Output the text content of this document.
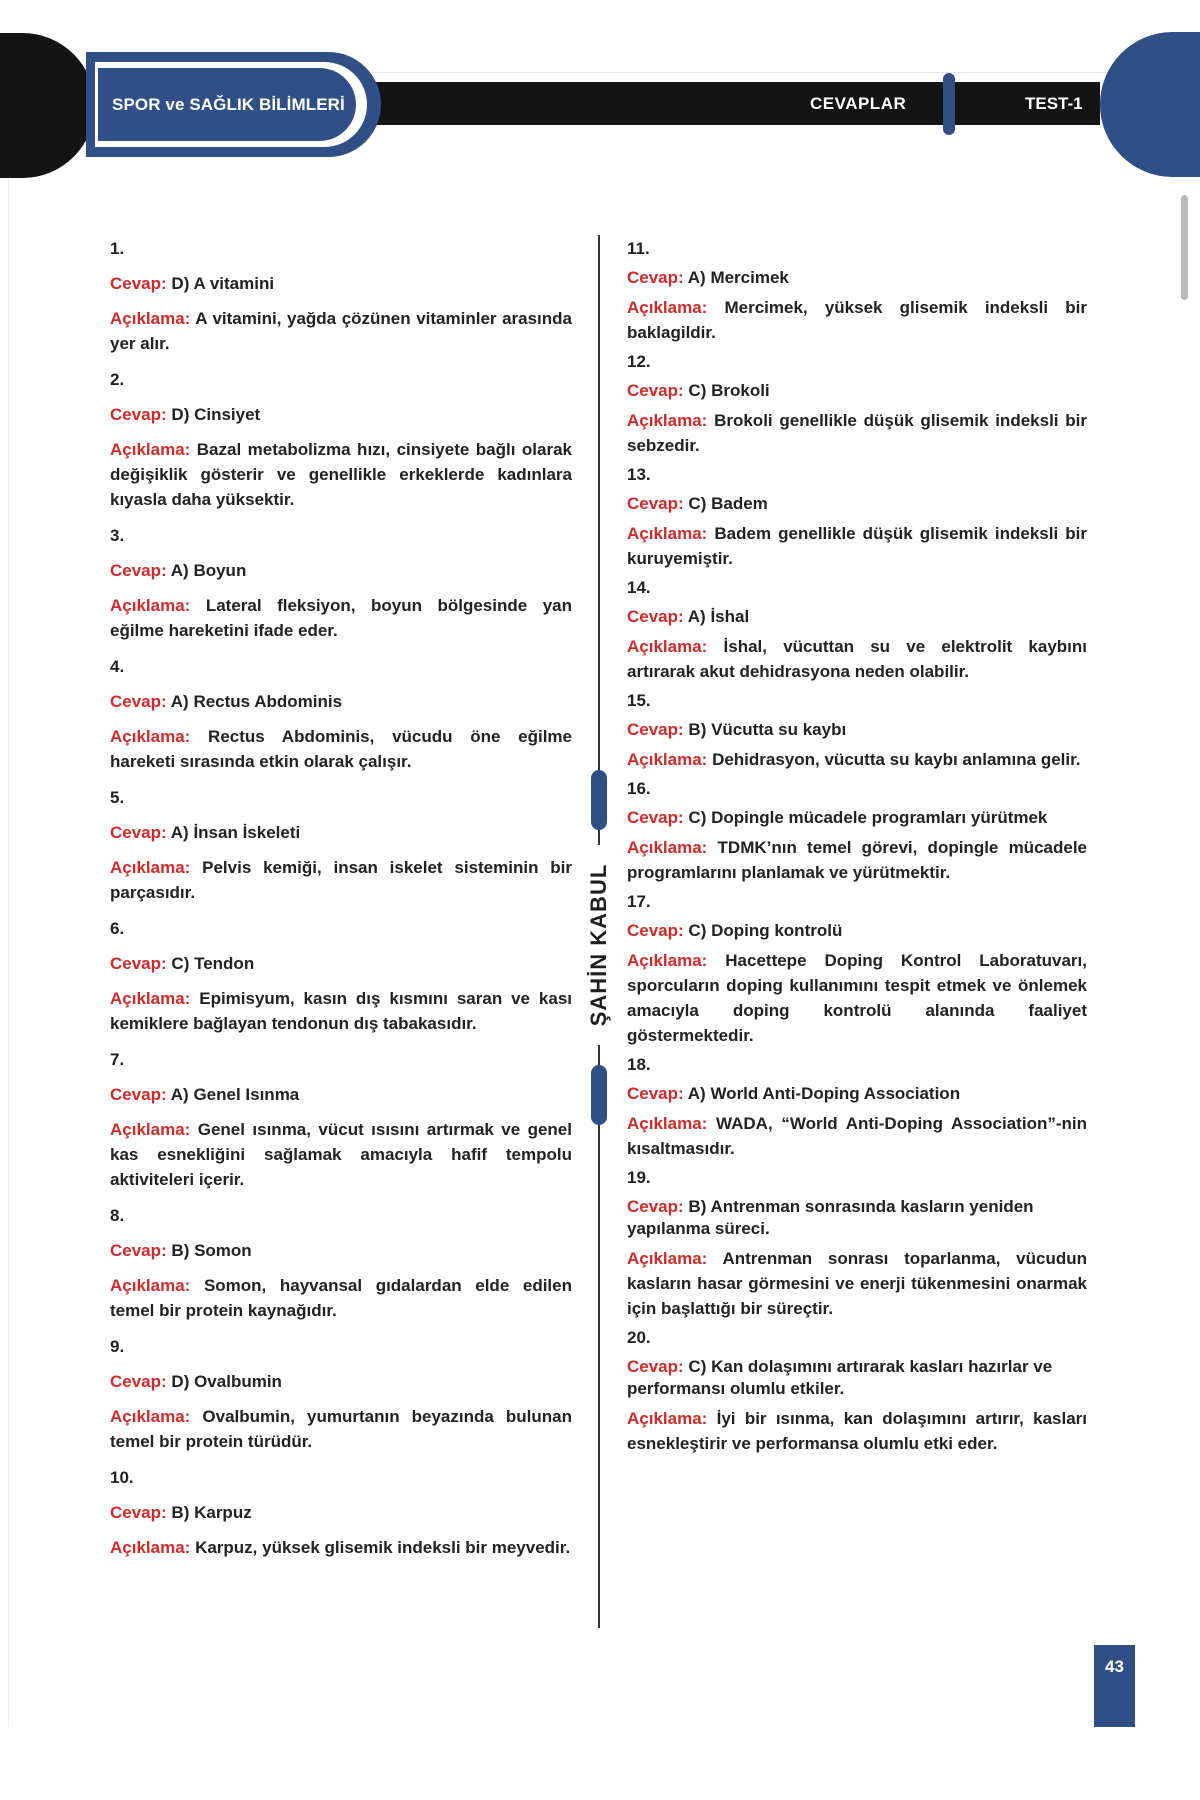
SPOR ve SAĞLIK BİLİMLERİ	CEVAPLAR	TEST-1
ŞAHİN KABUL
1.
Cevap: D) A vitamini
Açıklama: A vitamini, yağda çözünen vitaminler arasında yer alır.
2.
Cevap: D) Cinsiyet
Açıklama: Bazal metabolizma hızı, cinsiyete bağlı olarak değişiklik gösterir ve genellikle erkeklerde kadınlara kıyasla daha yüksektir.
3.
Cevap: A) Boyun
Açıklama: Lateral fleksiyon, boyun bölgesinde yan eğilme hareketini ifade eder.
4.
Cevap: A) Rectus Abdominis
Açıklama: Rectus Abdominis, vücudu öne eğilme hareketi sırasında etkin olarak çalışır.
5.
Cevap: A) İnsan İskeleti
Açıklama: Pelvis kemiği, insan iskelet sisteminin bir parçasıdır.
6.
Cevap: C) Tendon
Açıklama: Epimisyum, kasın dış kısmını saran ve kası kemiklere bağlayan tendonun dış tabakasıdır.
7.
Cevap: A) Genel Isınma
Açıklama: Genel ısınma, vücut ısısını artırmak ve genel kas esnekliğini sağlamak amacıyla hafif tempolu aktiviteleri içerir.
8.
Cevap: B) Somon
Açıklama: Somon, hayvansal gıdalardan elde edilen temel bir protein kaynağıdır.
9.
Cevap: D) Ovalbumin
Açıklama: Ovalbumin, yumurtanın beyazında bulunan temel bir protein türüdür.
10.
Cevap: B) Karpuz
Açıklama: Karpuz, yüksek glisemik indeksli bir meyvedir.
11.
Cevap: A) Mercimek
Açıklama: Mercimek, yüksek glisemik indeksli bir baklagildir.
12.
Cevap: C) Brokoli
Açıklama: Brokoli genellikle düşük glisemik indeksli bir sebzedir.
13.
Cevap: C) Badem
Açıklama: Badem genellikle düşük glisemik indeksli bir kuruyemiştir.
14.
Cevap: A) İshal
Açıklama: İshal, vücuttan su ve elektrolit kaybını artırarak akut dehidrasyona neden olabilir.
15.
Cevap: B) Vücutta su kaybı
Açıklama: Dehidrasyon, vücutta su kaybı anlamına gelir.
16.
Cevap: C) Dopingle mücadele programları yürütmek
Açıklama: TDMK’nın temel görevi, dopingle mücadele programlarını planlamak ve yürütmektir.
17.
Cevap: C) Doping kontrolü
Açıklama: Hacettepe Doping Kontrol Laboratuvarı, sporcuların doping kullanımını tespit etmek ve önlemek amacıyla doping kontrolü alanında faaliyet göstermektedir.
18.
Cevap: A) World Anti-Doping Association
Açıklama: WADA, “World Anti-Doping Association”-nin kısaltmasıdır.
19.
Cevap: B) Antrenman sonrasında kasların yeniden yapılanma süreci.
Açıklama: Antrenman sonrası toparlanma, vücudun kasların hasar görmesini ve enerji tükenmesini onarmak için başlattığı bir süreçtir.
20.
Cevap: C) Kan dolaşımını artırarak kasları hazırlar ve performansı olumlu etkiler.
Açıklama: İyi bir ısınma, kan dolaşımını artırır, kasları esnekleştirir ve performansa olumlu etki eder.
43
